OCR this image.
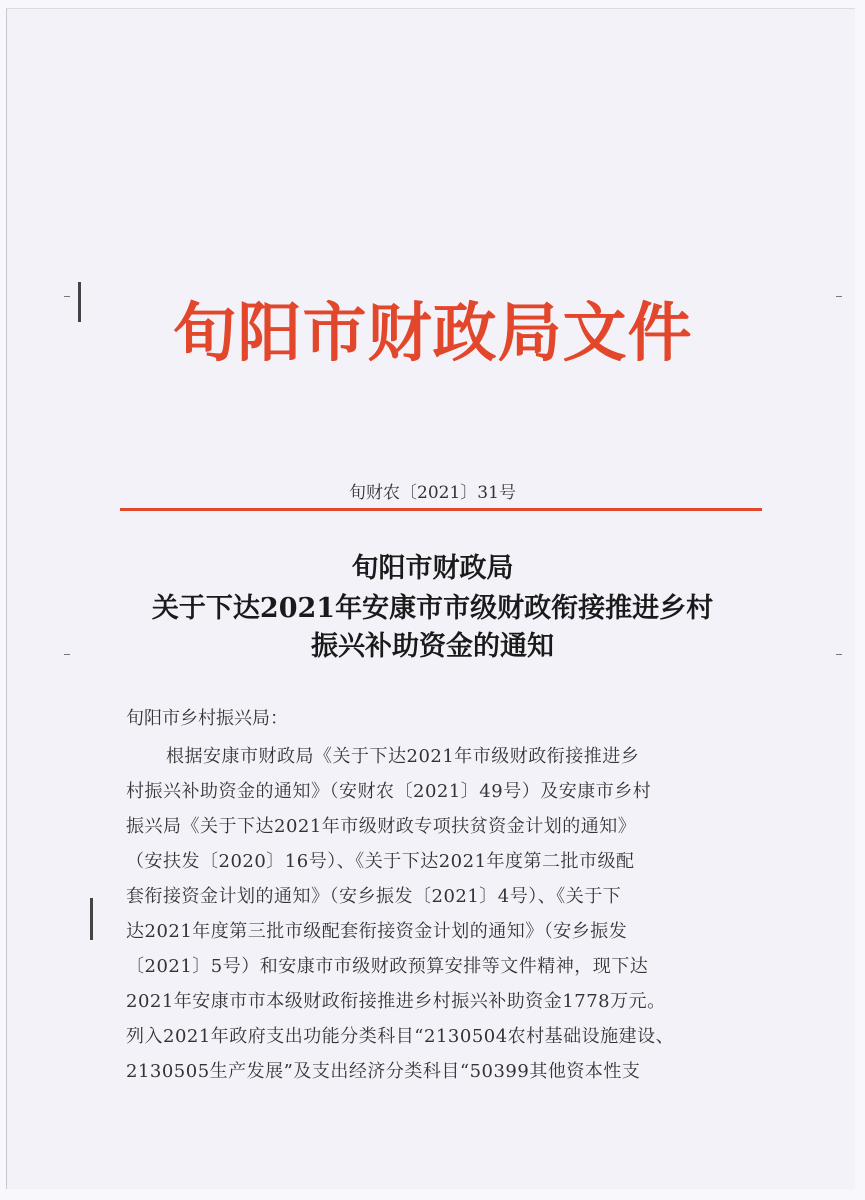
旬阳市财政局文件
旬财农〔2021〕31号
旬阳市财政局
关于下达2021年安康市市级财政衔接推进乡村
振兴补助资金的通知
旬阳市乡村振兴局：
根据安康市财政局《关于下达2021年市级财政衔接推进乡
村振兴补助资金的通知》（安财农〔2021〕49号）及安康市乡村
振兴局《关于下达2021年市级财政专项扶贫资金计划的通知》
（安扶发〔2020〕16号）、《关于下达2021年度第二批市级配
套衔接资金计划的通知》（安乡振发〔2021〕4号）、《关于下
达2021年度第三批市级配套衔接资金计划的通知》（安乡振发
〔2021〕5号）和安康市市级财政预算安排等文件精神，现下达
2021年安康市市本级财政衔接推进乡村振兴补助资金1778万元。
列入2021年政府支出功能分类科目“2130504农村基础设施建设、
2130505生产发展”及支出经济分类科目“50399其他资本性支
